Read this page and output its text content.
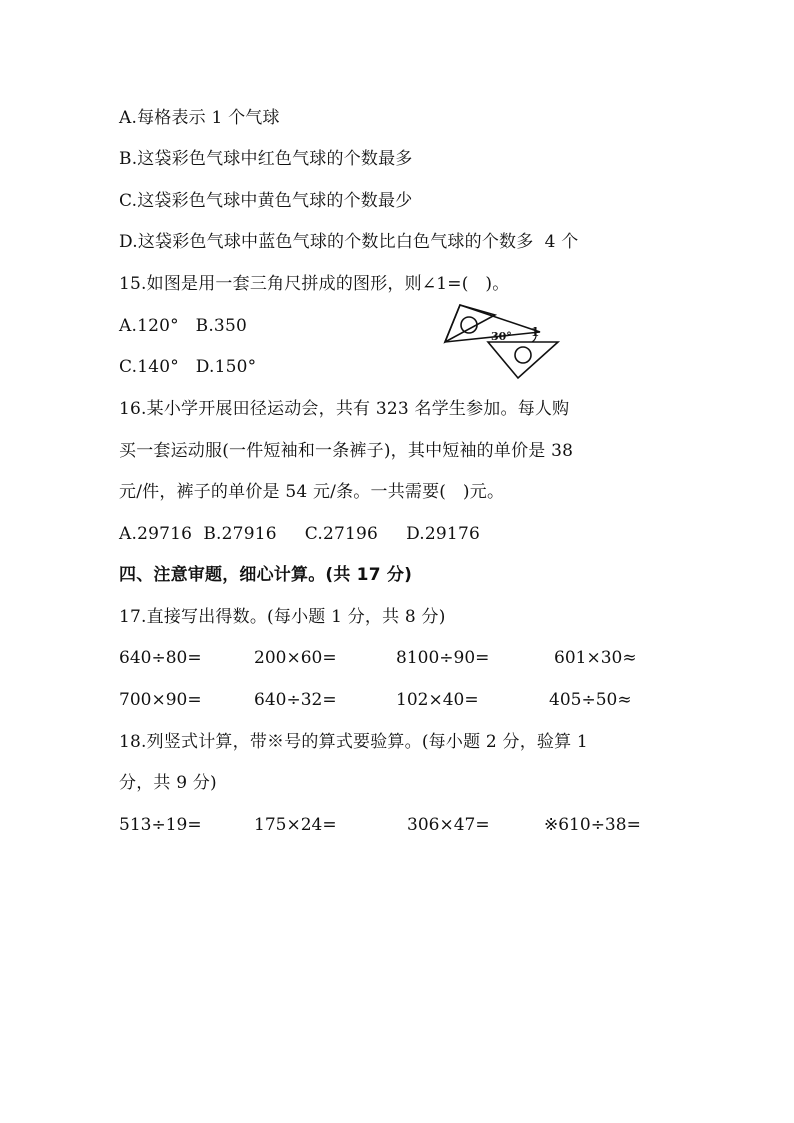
A.每格表示 1 个气球
B.这袋彩色气球中红色气球的个数最多
C.这袋彩色气球中黄色气球的个数最少
D.这袋彩色气球中蓝色气球的个数比白色气球的个数多  4 个
15.如图是用一套三角尺拼成的图形，则∠1=(   )。
A.120°   B.350
C.140°   D.150°
30° 1
16.某小学开展田径运动会，共有 323 名学生参加。每人购
买一套运动服(一件短袖和一条裤子)，其中短袖的单价是 38
元/件，裤子的单价是 54 元/条。一共需要(   )元。
A.29716  B.27916     C.27196     D.29176
四、注意审题，细心计算。(共 17 分)
17.直接写出得数。(每小题 1 分，共 8 分)
640÷80=	200×60=	8100÷90=	601×30≈
700×90=	640÷32=	102×40=	405÷50≈
18.列竖式计算，带※号的算式要验算。(每小题 2 分，验算 1
分，共 9 分)
513÷19=	175×24=	306×47=	※610÷38=
